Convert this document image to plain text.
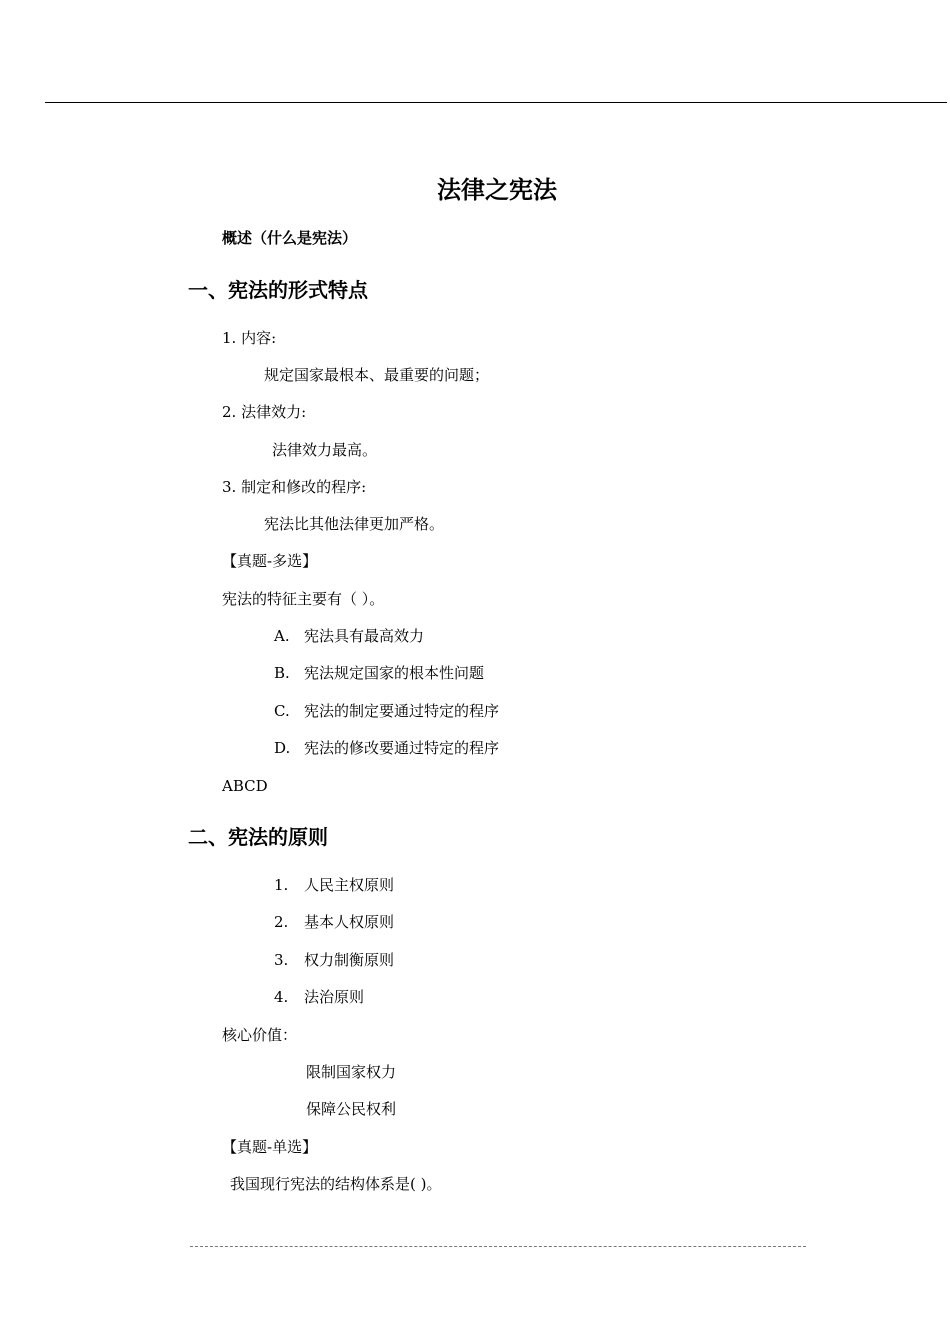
法律之宪法
概述（什么是宪法）
一、宪法的形式特点
1. 内容:
规定国家最根本、最重要的问题；
2. 法律效力:
法律效力最高。
3. 制定和修改的程序:
宪法比其他法律更加严格。
【真题-多选】
宪法的特征主要有（ ）。
A. 宪法具有最高效力
B. 宪法规定国家的根本性问题
C. 宪法的制定要通过特定的程序
D. 宪法的修改要通过特定的程序
ABCD
二、宪法的原则
1. 人民主权原则
2. 基本人权原则
3. 权力制衡原则
4. 法治原则
核心价值：
限制国家权力
保障公民权利
【真题-单选】
我国现行宪法的结构体系是( )。
